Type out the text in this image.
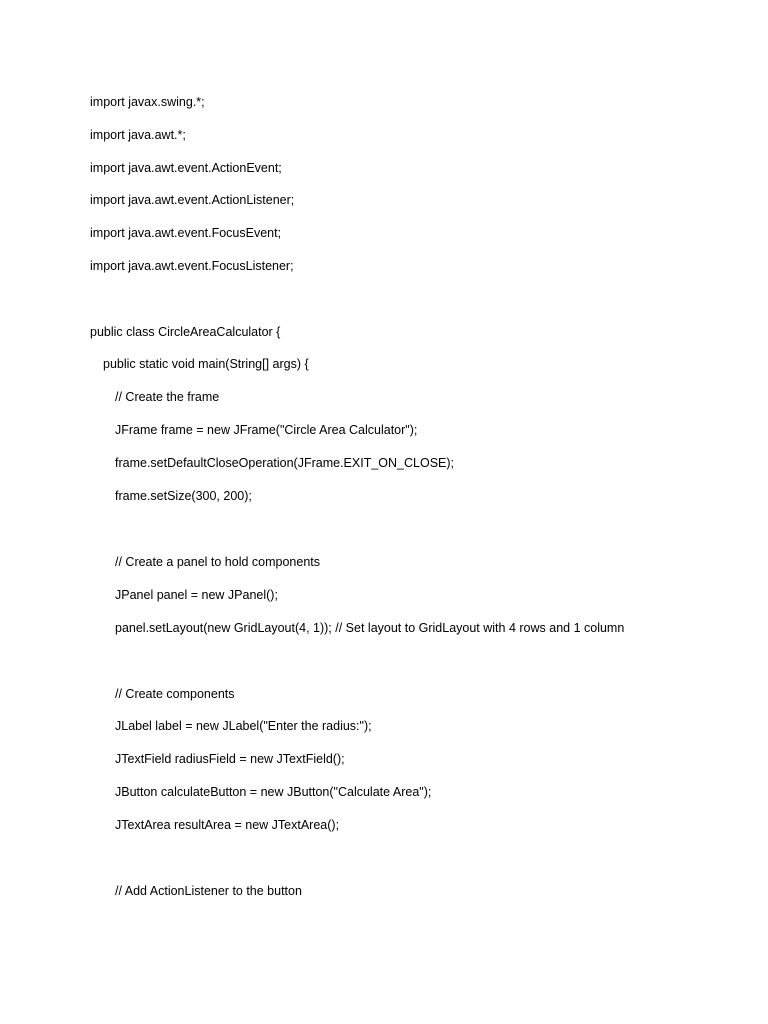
import javax.swing.*;
import java.awt.*;
import java.awt.event.ActionEvent;
import java.awt.event.ActionListener;
import java.awt.event.FocusEvent;
import java.awt.event.FocusListener;
public class CircleAreaCalculator {
public static void main(String[] args) {
// Create the frame
JFrame frame = new JFrame("Circle Area Calculator");
frame.setDefaultCloseOperation(JFrame.EXIT_ON_CLOSE);
frame.setSize(300, 200);
// Create a panel to hold components
JPanel panel = new JPanel();
panel.setLayout(new GridLayout(4, 1)); // Set layout to GridLayout with 4 rows and 1 column
// Create components
JLabel label = new JLabel("Enter the radius:");
JTextField radiusField = new JTextField();
JButton calculateButton = new JButton("Calculate Area");
JTextArea resultArea = new JTextArea();
// Add ActionListener to the button
